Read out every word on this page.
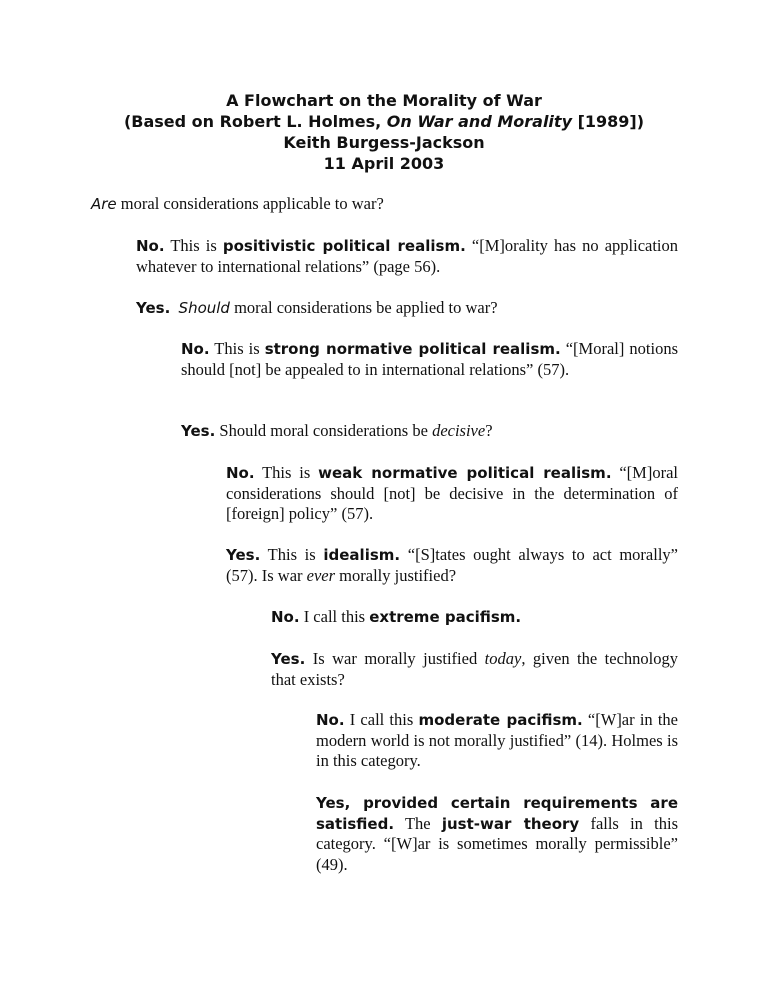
A Flowchart on the Morality of War
(Based on Robert L. Holmes, On War and Morality [1989])
Keith Burgess-Jackson
11 April 2003
Are moral considerations applicable to war?
No. This is positivistic political realism. “[M]orality has no application whatever to international relations” (page 56).
Yes. Should moral considerations be applied to war?
No. This is strong normative political realism. “[Moral] notions should [not] be appealed to in international relations” (57).
Yes. Should moral considerations be decisive?
No. This is weak normative political realism. “[M]oral considerations should [not] be decisive in the determination of [foreign] policy” (57).
Yes. This is idealism. “[S]tates ought always to act morally” (57). Is war ever morally justified?
No. I call this extreme pacifism.
Yes. Is war morally justified today, given the technology that exists?
No. I call this moderate pacifism. “[W]ar in the modern world is not morally justified” (14). Holmes is in this category.
Yes, provided certain requirements are satisfied. The just-war theory falls in this category. “[W]ar is sometimes morally permissible” (49).
